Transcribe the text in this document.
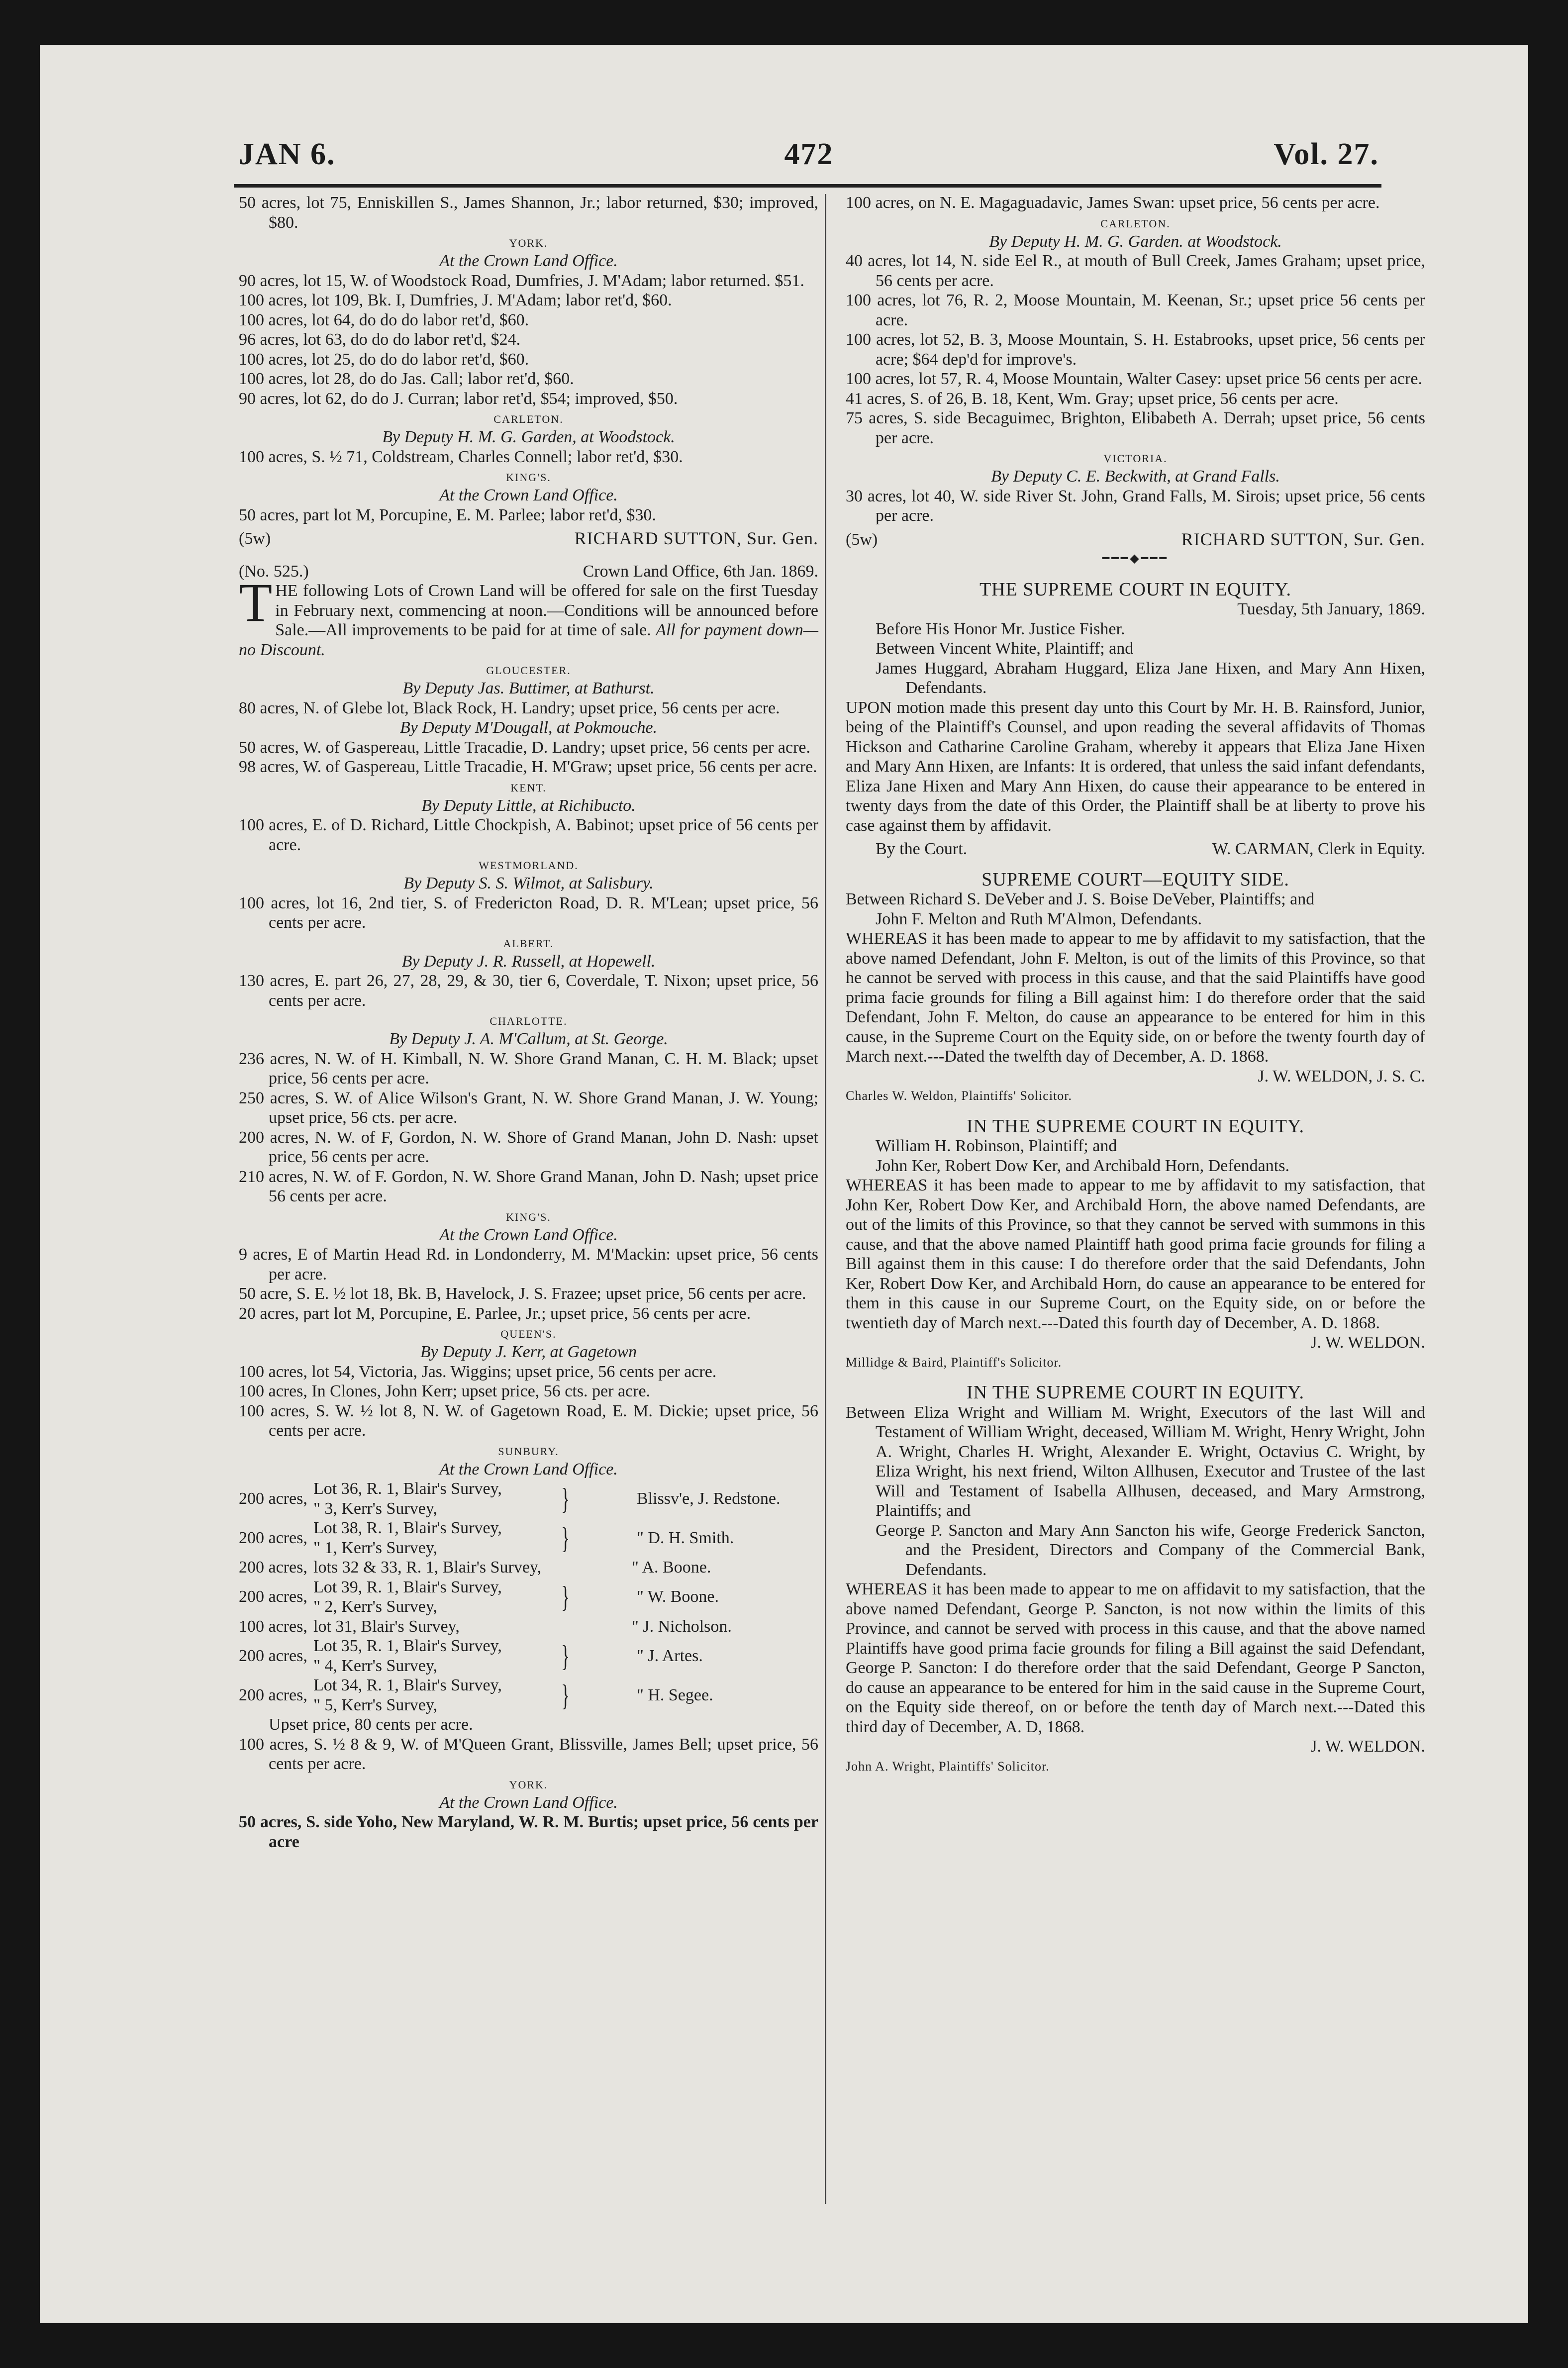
JAN 6.	472	Vol. 27.

50 acres, lot 75, Enniskillen S., James Shannon, Jr.; labor returned, $30; improved, $80.

YORK.

At the Crown Land Office.

90 acres, lot 15, W. of Woodstock Road, Dumfries, J. M'Adam; labor returned. $51.

100 acres, lot 109, Bk. I, Dumfries, J. M'Adam; labor ret'd, $60.

100 acres, lot 64, do do do labor ret'd, $60.

96 acres, lot 63, do do do labor ret'd, $24.

100 acres, lot 25, do do do labor ret'd, $60.

100 acres, lot 28, do do Jas. Call; labor ret'd, $60.

90 acres, lot 62, do do J. Curran; labor ret'd, $54; improved, $50.

CARLETON.

By Deputy H. M. G. Garden, at Woodstock.

100 acres, S. ½ 71, Coldstream, Charles Connell; labor ret'd, $30.

KING'S.

At the Crown Land Office.

50 acres, part lot M, Porcupine, E. M. Parlee; labor ret'd, $30.

(5w)	RICHARD SUTTON, Sur. Gen.

(No. 525.)	Crown Land Office, 6th Jan. 1869.

THE following Lots of Crown Land will be offered for sale on the first Tuesday in February next, commencing at noon.—Conditions will be announced before Sale.—All improvements to be paid for at time of sale. All for payment down—no Discount.

GLOUCESTER.

By Deputy Jas. Buttimer, at Bathurst.

80 acres, N. of Glebe lot, Black Rock, H. Landry; upset price, 56 cents per acre.

By Deputy M'Dougall, at Pokmouche.

50 acres, W. of Gaspereau, Little Tracadie, D. Landry; upset price, 56 cents per acre.

98 acres, W. of Gaspereau, Little Tracadie, H. M'Graw; upset price, 56 cents per acre.

KENT.

By Deputy Little, at Richibucto.

100 acres, E. of D. Richard, Little Chockpish, A. Babinot; upset price of 56 cents per acre.

WESTMORLAND.

By Deputy S. S. Wilmot, at Salisbury.

100 acres, lot 16, 2nd tier, S. of Fredericton Road, D. R. M'Lean; upset price, 56 cents per acre.

ALBERT.

By Deputy J. R. Russell, at Hopewell.

130 acres, E. part 26, 27, 28, 29, & 30, tier 6, Coverdale, T. Nixon; upset price, 56 cents per acre.

CHARLOTTE.

By Deputy J. A. M'Callum, at St. George.

236 acres, N. W. of H. Kimball, N. W. Shore Grand Manan, C. H. M. Black; upset price, 56 cents per acre.

250 acres, S. W. of Alice Wilson's Grant, N. W. Shore Grand Manan, J. W. Young; upset price, 56 cts. per acre.

200 acres, N. W. of F, Gordon, N. W. Shore of Grand Manan, John D. Nash: upset price, 56 cents per acre.

210 acres, N. W. of F. Gordon, N. W. Shore Grand Manan, John D. Nash; upset price 56 cents per acre.

KING'S.

At the Crown Land Office.

9 acres, E of Martin Head Rd. in Londonderry, M. M'Mackin: upset price, 56 cents per acre.

50 acre, S. E. ½ lot 18, Bk. B, Havelock, J. S. Frazee; upset price, 56 cents per acre.

20 acres, part lot M, Porcupine, E. Parlee, Jr.; upset price, 56 cents per acre.

QUEEN'S.

By Deputy J. Kerr, at Gagetown

100 acres, lot 54, Victoria, Jas. Wiggins; upset price, 56 cents per acre.

100 acres, In Clones, John Kerr; upset price, 56 cts. per acre.

100 acres, S. W. ½ lot 8, N. W. of Gagetown Road, E. M. Dickie; upset price, 56 cents per acre.

SUNBURY.

At the Crown Land Office.

200 acres,
Lot 36, R. 1, Blair's Survey,
" 3, Kerr's Survey,	}	Blissv'e, J. Redstone.
200 acres,
Lot 38, R. 1, Blair's Survey,
" 1, Kerr's Survey,	}	" D. H. Smith.
200 acres, lots 32 & 33, R. 1, Blair's Survey,	" A. Boone.
200 acres,
Lot 39, R. 1, Blair's Survey,
" 2, Kerr's Survey,	}	" W. Boone.
100 acres, lot 31, Blair's Survey,	" J. Nicholson.
200 acres,
Lot 35, R. 1, Blair's Survey,
" 4, Kerr's Survey,	}	" J. Artes.
200 acres,
Lot 34, R. 1, Blair's Survey,
" 5, Kerr's Survey,	}	" H. Segee.

Upset price, 80 cents per acre.

100 acres, S. ½ 8 & 9, W. of M'Queen Grant, Blissville, James Bell; upset price, 56 cents per acre.

YORK.

At the Crown Land Office.

50 acres, S. side Yoho, New Maryland, W. R. M. Burtis; upset price, 56 cents per acre

100 acres, on N. E. Magaguadavic, James Swan: upset price, 56 cents per acre.

CARLETON.

By Deputy H. M. G. Garden. at Woodstock.

40 acres, lot 14, N. side Eel R., at mouth of Bull Creek, James Graham; upset price, 56 cents per acre.

100 acres, lot 76, R. 2, Moose Mountain, M. Keenan, Sr.; upset price 56 cents per acre.

100 acres, lot 52, B. 3, Moose Mountain, S. H. Estabrooks, upset price, 56 cents per acre; $64 dep'd for improve's.

100 acres, lot 57, R. 4, Moose Mountain, Walter Casey: upset price 56 cents per acre.

41 acres, S. of 26, B. 18, Kent, Wm. Gray; upset price, 56 cents per acre.

75 acres, S. side Becaguimec, Brighton, Elibabeth A. Derrah; upset price, 56 cents per acre.

VICTORIA.

By Deputy C. E. Beckwith, at Grand Falls.

30 acres, lot 40, W. side River St. John, Grand Falls, M. Sirois; upset price, 56 cents per acre.

(5w)	RICHARD SUTTON, Sur. Gen.

━━━◆━━━

THE SUPREME COURT IN EQUITY.

Tuesday, 5th January, 1869.

Before His Honor Mr. Justice Fisher.

Between Vincent White, Plaintiff; and

James Huggard, Abraham Huggard, Eliza Jane Hixen, and Mary Ann Hixen, Defendants.

UPON motion made this present day unto this Court by Mr. H. B. Rainsford, Junior, being of the Plaintiff's Counsel, and upon reading the several affidavits of Thomas Hickson and Catharine Caroline Graham, whereby it appears that Eliza Jane Hixen and Mary Ann Hixen, are Infants: It is ordered, that unless the said infant defendants, Eliza Jane Hixen and Mary Ann Hixen, do cause their appearance to be entered in twenty days from the date of this Order, the Plaintiff shall be at liberty to prove his case against them by affidavit.

By the Court.	W. CARMAN, Clerk in Equity.

SUPREME COURT—EQUITY SIDE.

Between Richard S. DeVeber and J. S. Boise DeVeber, Plaintiffs; and

John F. Melton and Ruth M'Almon, Defendants.

WHEREAS it has been made to appear to me by affidavit to my satisfaction, that the above named Defendant, John F. Melton, is out of the limits of this Province, so that he cannot be served with process in this cause, and that the said Plaintiffs have good prima facie grounds for filing a Bill against him: I do therefore order that the said Defendant, John F. Melton, do cause an appearance to be entered for him in this cause, in the Supreme Court on the Equity side, on or before the twenty fourth day of March next.---Dated the twelfth day of December, A. D. 1868.

J. W. WELDON, J. S. C.

Charles W. Weldon, Plaintiffs' Solicitor.

IN THE SUPREME COURT IN EQUITY.

William H. Robinson, Plaintiff; and

John Ker, Robert Dow Ker, and Archibald Horn, Defendants.

WHEREAS it has been made to appear to me by affidavit to my satisfaction, that John Ker, Robert Dow Ker, and Archibald Horn, the above named Defendants, are out of the limits of this Province, so that they cannot be served with summons in this cause, and that the above named Plaintiff hath good prima facie grounds for filing a Bill against them in this cause: I do therefore order that the said Defendants, John Ker, Robert Dow Ker, and Archibald Horn, do cause an appearance to be entered for them in this cause in our Supreme Court, on the Equity side, on or before the twentieth day of March next.---Dated this fourth day of December, A. D. 1868.

J. W. WELDON.

Millidge & Baird, Plaintiff's Solicitor.

IN THE SUPREME COURT IN EQUITY.

Between Eliza Wright and William M. Wright, Executors of the last Will and Testament of William Wright, deceased, William M. Wright, Henry Wright, John A. Wright, Charles H. Wright, Alexander E. Wright, Octavius C. Wright, by Eliza Wright, his next friend, Wilton Allhusen, Executor and Trustee of the last Will and Testament of Isabella Allhusen, deceased, and Mary Armstrong, Plaintiffs; and

George P. Sancton and Mary Ann Sancton his wife, George Frederick Sancton, and the President, Directors and Company of the Commercial Bank, Defendants.

WHEREAS it has been made to appear to me on affidavit to my satisfaction, that the above named Defendant, George P. Sancton, is not now within the limits of this Province, and cannot be served with process in this cause, and that the above named Plaintiffs have good prima facie grounds for filing a Bill against the said Defendant, George P. Sancton: I do therefore order that the said Defendant, George P Sancton, do cause an appearance to be entered for him in the said cause in the Supreme Court, on the Equity side thereof, on or before the tenth day of March next.---Dated this third day of December, A. D, 1868.

J. W. WELDON.

John A. Wright, Plaintiffs' Solicitor.
